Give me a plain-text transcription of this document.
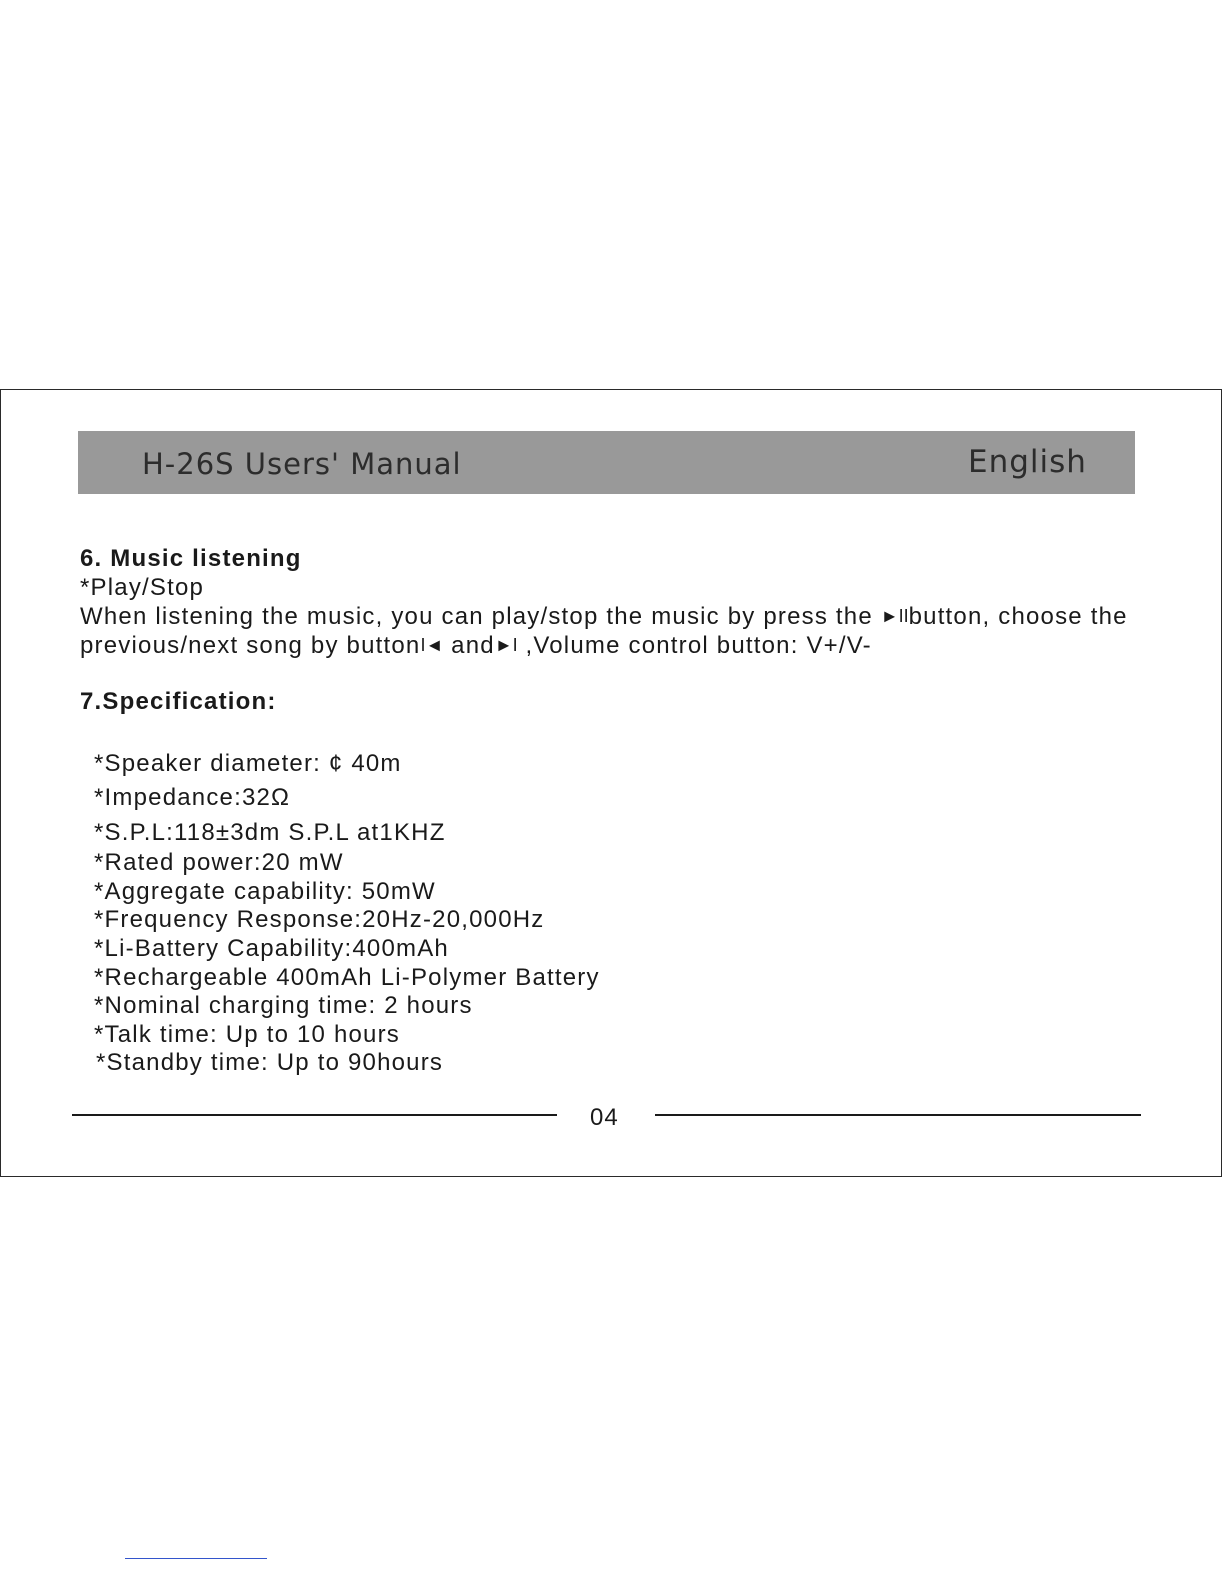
H-26S Users' Manual	English
6. Music listening
*Play/Stop
When listening the music, you can play/stop the music by press the ►IIbutton, choose the
previous/next song by buttonI◄ and►I ,Volume control button: V+/V-
7.Specification:
*Speaker diameter: ¢ 40m
*Impedance:32Ω
*S.P.L:118±3dm S.P.L at1KHZ
*Rated power:20 mW
*Aggregate capability: 50mW
*Frequency Response:20Hz-20,000Hz
*Li-Battery Capability:400mAh
*Rechargeable 400mAh Li-Polymer Battery
*Nominal charging time: 2 hours
*Talk time: Up to 10 hours
*Standby time: Up to 90hours
04
